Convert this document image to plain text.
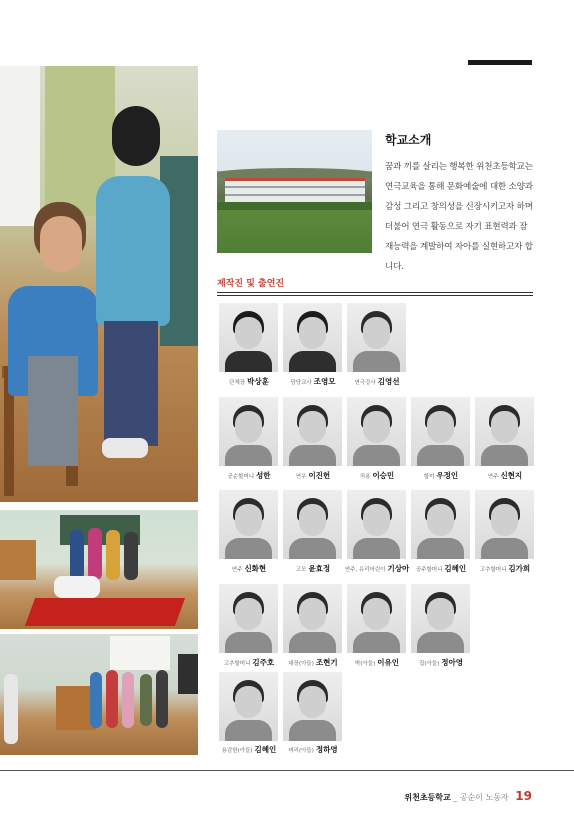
학교소개
꿈과 끼를 살리는 행복한 위천초등학교는 연극교육을 통해 문화예술에 대한 소양과 감성 그리고 창의성을 신장시키고자 하며 더불어 연극 활동으로 자기 표현력과 잠재능력을 계발하여 자아를 실현하고자 합니다.
제작진 및 출연진
단체장 박상훈	담당교사 조영모	연극강사 김영선
공순할머니 성한	연우 이진헌	처용 이승민	할미 우정인	연주 신현지
연주 신화현	고모 윤효정	연주, 유리어린이 기상아	공주할머니 김혜인	고추할머니 김가희
고추할머니 김주호	대장(아들) 조현기	박(아들) 이유인	집(아들) 정아영
용감한(아들) 김혜인	머리(아들) 정하영
위천초등학교 _ 공순이 노동자 19
